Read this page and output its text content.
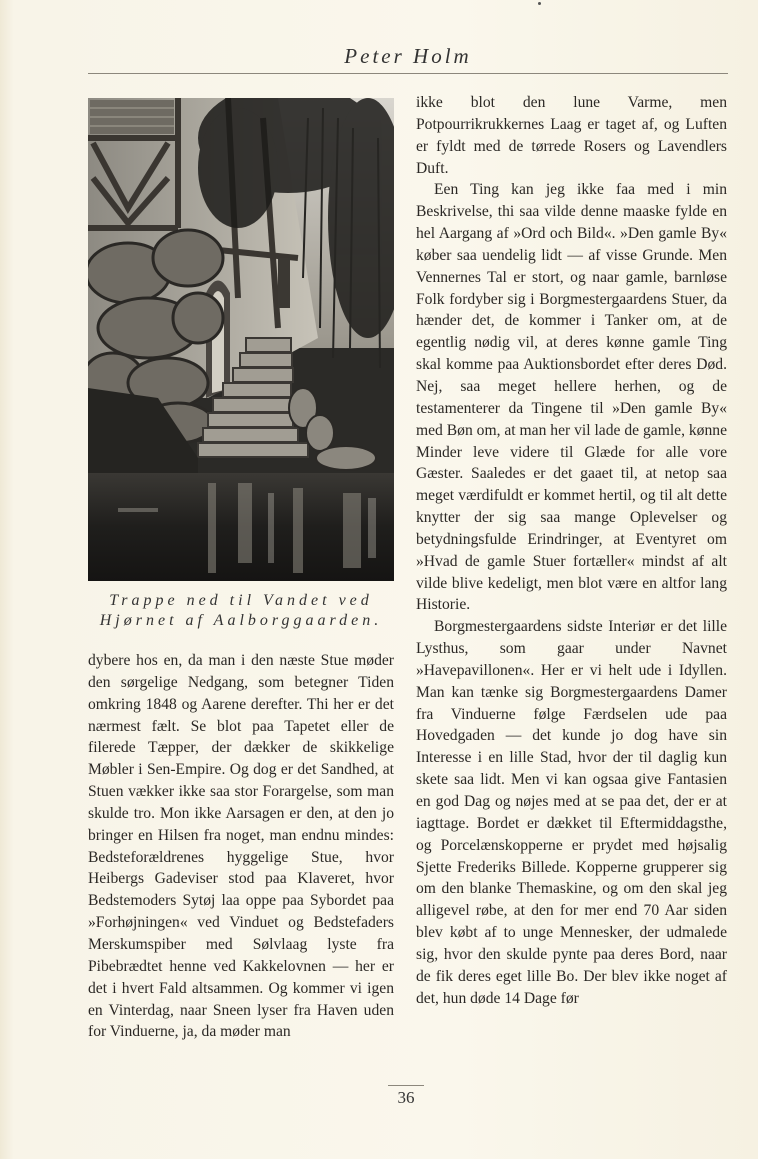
Peter Holm
Trappe ned til Vandet ved
Hjørnet af Aalborggaarden.

dybere hos en, da man i den næste Stue møder den sørgelige Nedgang, som betegner Tiden omkring 1848 og Aarene derefter. Thi her er det nærmest fælt. Se blot paa Tapetet eller de filerede Tæpper, der dækker de skikkelige Møbler i Sen-Empire. Og dog er det Sandhed, at Stuen vækker ikke saa stor Forargelse, som man skulde tro. Mon ikke Aarsagen er den, at den jo bringer en Hilsen fra noget, man endnu mindes: Bedsteforældrenes hyggelige Stue, hvor Heibergs Gadeviser stod paa Klaveret, hvor Bedstemoders Sytøj laa oppe paa Sybordet paa »Forhøjningen« ved Vinduet og Bedstefaders Merskumspiber med Sølvlaag lyste fra Pibebrædtet henne ved Kakkelovnen — her er det i hvert Fald altsammen. Og kommer vi igen en Vinterdag, naar Sneen lyser fra Haven uden for Vinduerne, ja, da møder man

ikke blot den lune Varme, men Potpourrikrukkernes Laag er taget af, og Luften er fyldt med de tørrede Rosers og Lavendlers Duft.

Een Ting kan jeg ikke faa med i min Beskrivelse, thi saa vilde denne maaske fylde en hel Aargang af »Ord och Bild«. »Den gamle By« køber saa uendelig lidt — af visse Grunde. Men Vennernes Tal er stort, og naar gamle, barnløse Folk fordyber sig i Borgmestergaardens Stuer, da hænder det, de kommer i Tanker om, at de egentlig nødig vil, at deres kønne gamle Ting skal komme paa Auktionsbordet efter deres Død. Nej, saa meget hellere herhen, og de testamenterer da Tingene til »Den gamle By« med Bøn om, at man her vil lade de gamle, kønne Minder leve videre til Glæde for alle vore Gæster. Saaledes er det gaaet til, at netop saa meget værdifuldt er kommet hertil, og til alt dette knytter der sig saa mange Oplevelser og betydningsfulde Erindringer, at Eventyret om »Hvad de gamle Stuer fortæller« mindst af alt vilde blive kedeligt, men blot være en altfor lang Historie.

Borgmestergaardens sidste Interiør er det lille Lysthus, som gaar under Navnet »Havepavillonen«. Her er vi helt ude i Idyllen. Man kan tænke sig Borgmestergaardens Damer fra Vinduerne følge Færdselen ude paa Hovedgaden — det kunde jo dog have sin Interesse i en lille Stad, hvor der til daglig kun skete saa lidt. Men vi kan ogsaa give Fantasien en god Dag og nøjes med at se paa det, der er at iagttage. Bordet er dækket til Eftermiddagsthe, og Porcelænskopperne er prydet med højsalig Sjette Frederiks Billede. Kopperne grupperer sig om den blanke Themaskine, og om den skal jeg alligevel røbe, at den for mer end 70 Aar siden blev købt af to unge Mennesker, der udmalede sig, hvor den skulde pynte paa deres Bord, naar de fik deres eget lille Bo. Der blev ikke noget af det, hun døde 14 Dage før

36
